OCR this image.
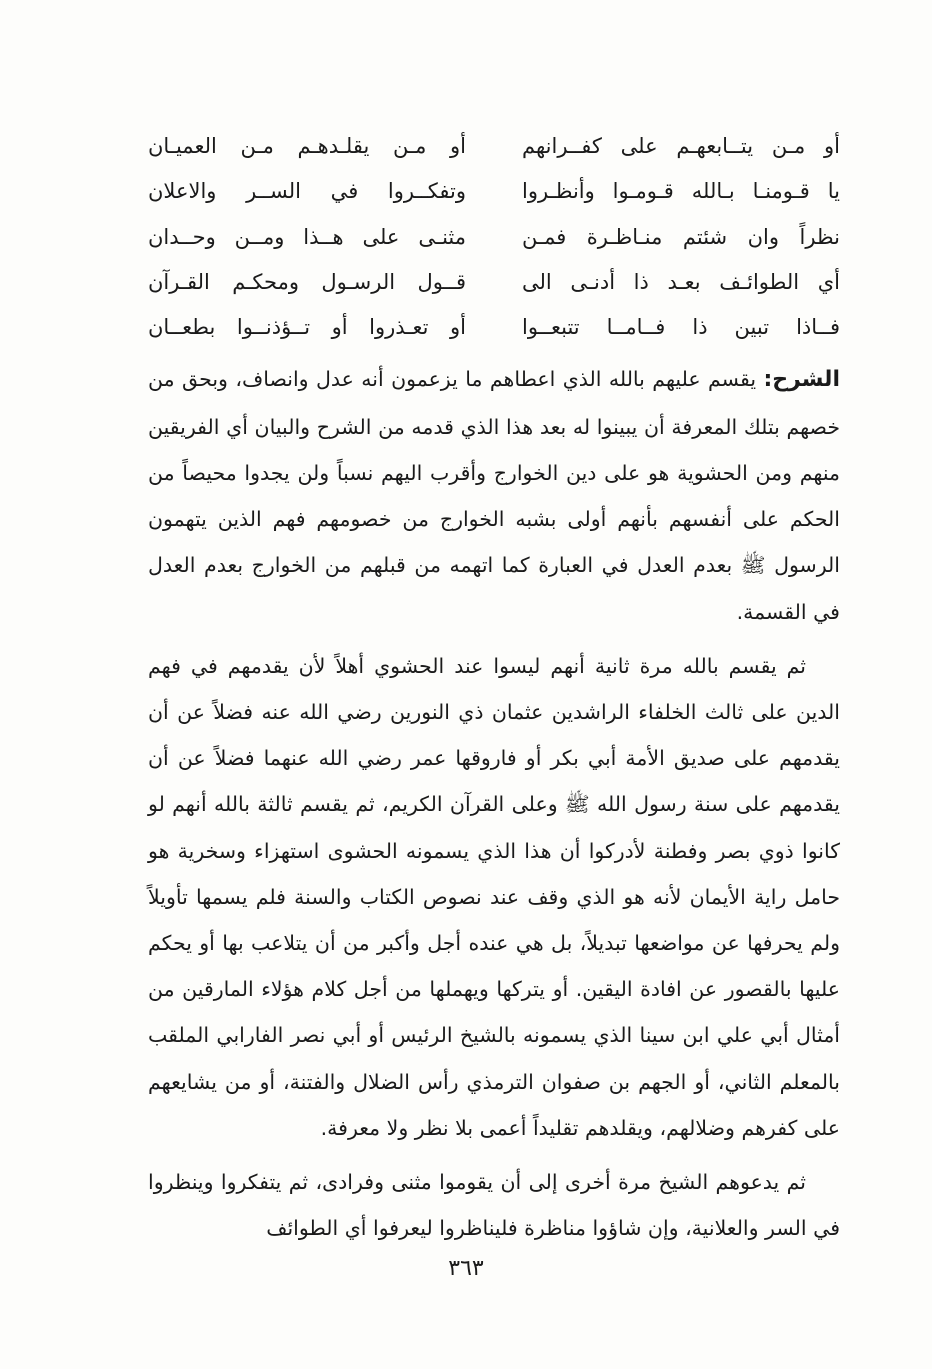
أو مـن يتــابعهـم على كفــرانهم
أو مـن يقلـدهـم مـن العميـان
يا قـومنـا بـالله قـومـوا وأنظـروا
وتفكــروا في الســر والاعلان
نظراً وان شئتم منـاظـرة فمـن
مثنـى على هــذا ومــن وحــدان
أي الطوائـف بعـد ذا أدنـى الى
قــول الرسـول ومحكـم القـرآن
فــاذا تبين ذا فــامــا تتبعــوا
أو تعـذروا أو تــؤذنــوا بطعــان

الشرح: يقسم عليهم بالله الذي اعطاهم ما يزعمون أنه عدل وانصاف، وبحق من خصهم بتلك المعرفة أن يبينوا له بعد هذا الذي قدمه من الشرح والبيان أي الفريقين منهم ومن الحشوية هو على دين الخوارج وأقرب اليهم نسباً ولن يجدوا محيصاً من الحكم على أنفسهم بأنهم أولى بشبه الخوارج من خصومهم فهم الذين يتهمون الرسول ﷺ بعدم العدل في العبارة كما اتهمه من قبلهم من الخوارج بعدم العدل في القسمة.

ثم يقسم بالله مرة ثانية أنهم ليسوا عند الحشوي أهلاً لأن يقدمهم في فهم الدين على ثالث الخلفاء الراشدين عثمان ذي النورين رضي الله عنه فضلاً عن أن يقدمهم على صديق الأمة أبي بكر أو فاروقها عمر رضي الله عنهما فضلاً عن أن يقدمهم على سنة رسول الله ﷺ وعلى القرآن الكريم، ثم يقسم ثالثة بالله أنهم لو كانوا ذوي بصر وفطنة لأدركوا أن هذا الذي يسمونه الحشوى استهزاء وسخرية هو حامل راية الأيمان لأنه هو الذي وقف عند نصوص الكتاب والسنة فلم يسمها تأويلاً ولم يحرفها عن مواضعها تبديلاً، بل هي عنده أجل وأكبر من أن يتلاعب بها أو يحكم عليها بالقصور عن افادة اليقين. أو يتركها ويهملها من أجل كلام هؤلاء المارقين من أمثال أبي علي ابن سينا الذي يسمونه بالشيخ الرئيس أو أبي نصر الفارابي الملقب بالمعلم الثاني، أو الجهم بن صفوان الترمذي رأس الضلال والفتنة، أو من يشايعهم على كفرهم وضلالهم، ويقلدهم تقليداً أعمى بلا نظر ولا معرفة.

ثم يدعوهم الشيخ مرة أخرى إلى أن يقوموا مثنى وفرادى، ثم يتفكروا وينظروا في السر والعلانية، وإن شاؤوا مناظرة فليناظروا ليعرفوا أي الطوائف

٣٦٣
